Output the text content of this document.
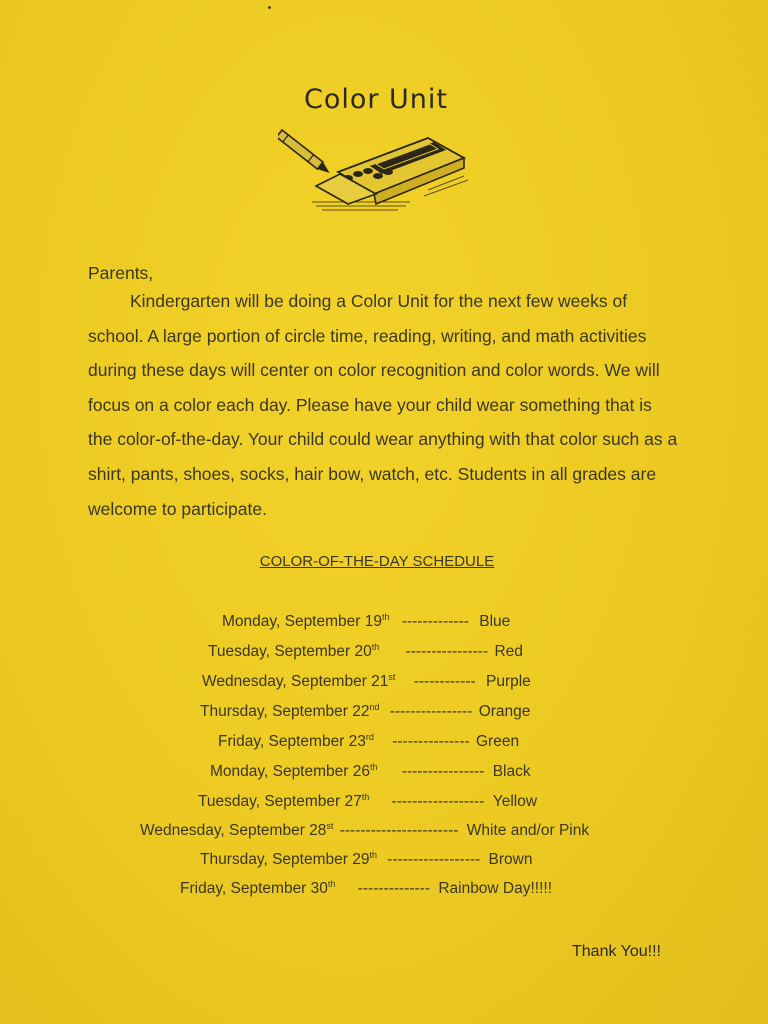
Color Unit

Parents,

Kindergarten will be doing a Color Unit for the next few weeks of school. A large portion of circle time, reading, writing, and math activities during these days will center on color recognition and color words. We will focus on a color each day. Please have your child wear something that is the color-of-the-day. Your child could wear anything with that color such as a shirt, pants, shoes, socks, hair bow, watch, etc. Students in all grades are welcome to participate.

COLOR-OF-THE-DAY SCHEDULE
Monday, September 19th ------------- Blue
Tuesday, September 20th ---------------- Red
Wednesday, September 21st ------------ Purple
Thursday, September 22nd ---------------- Orange
Friday, September 23rd --------------- Green
Monday, September 26th ---------------- Black
Tuesday, September 27th ------------------ Yellow
Wednesday, September 28st ----------------------- White and/or Pink
Thursday, September 29th ------------------ Brown
Friday, September 30th -------------- Rainbow Day!!!!!
Thank You!!!
